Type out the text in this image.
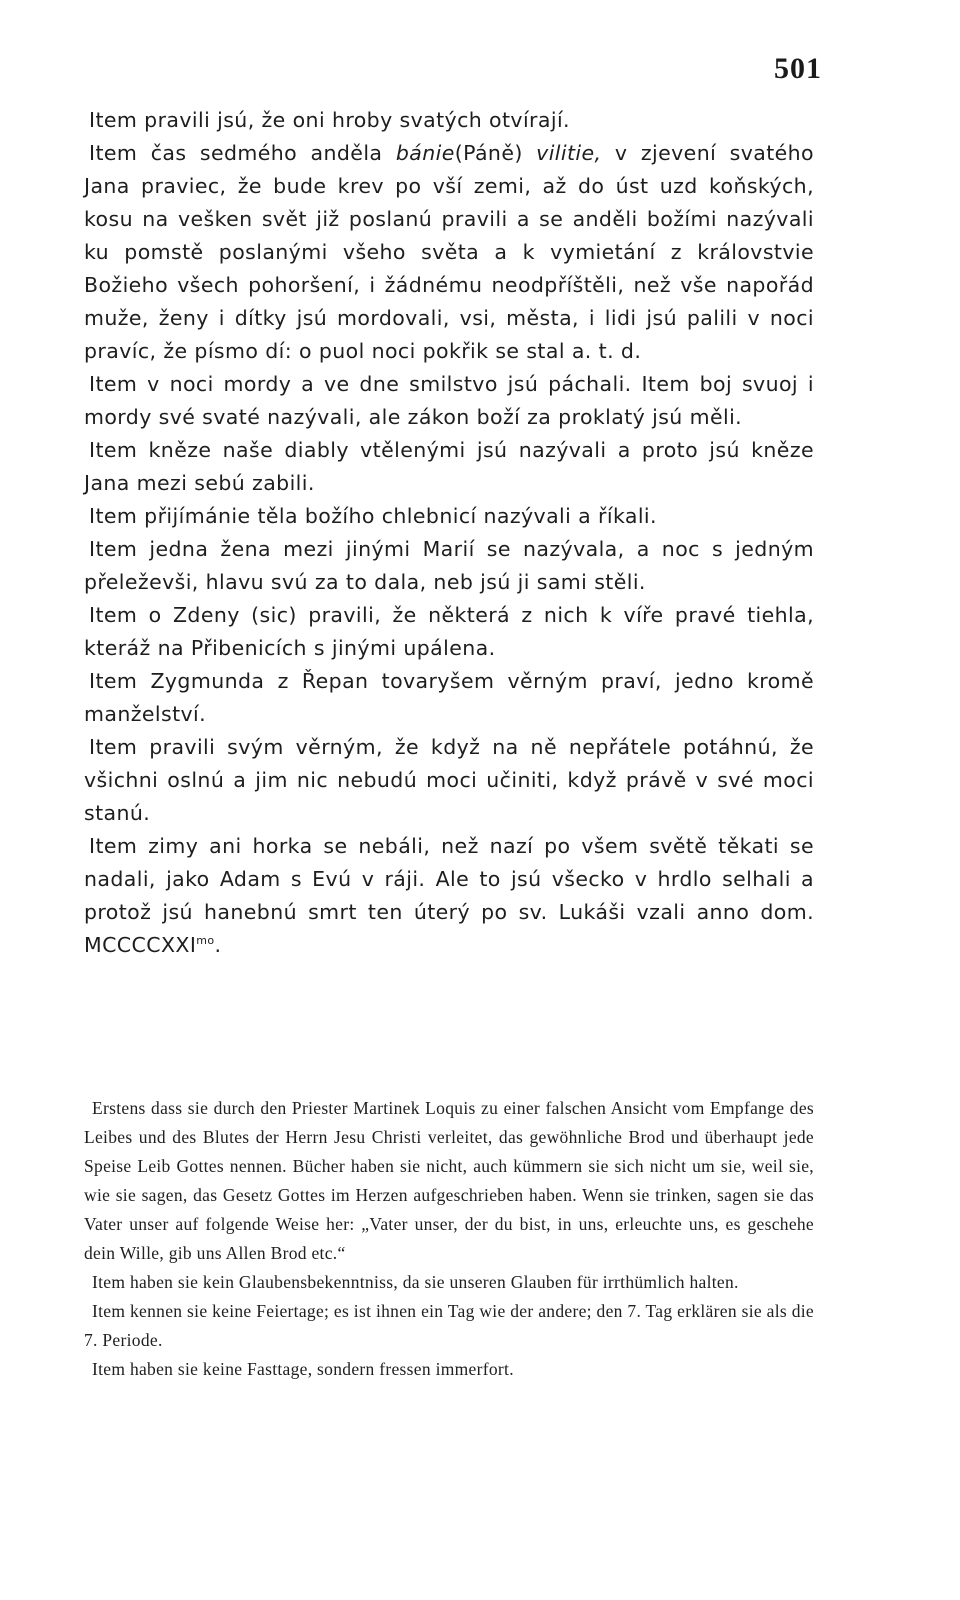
501

Item pravili jsú, že oni hroby svatých otvírají.

Item čas sedmého anděla bánie(Páně) vilitie, v zjevení svatého Jana praviec, že bude krev po vší zemi, až do úst uzd koňských, kosu na vešken svět již poslanú pravili a se anděli božími nazývali ku pomstě poslanými všeho světa a k vymietání z královstvie Božieho všech pohoršení, i žádnému neodpříštěli, než vše napořád muže, ženy i dítky jsú mordovali, vsi, města, i lidi jsú palili v noci pravíc, že písmo dí: o puol noci pokřik se stal a. t. d.

Item v noci mordy a ve dne smilstvo jsú páchali. Item boj svuoj i mordy své svaté nazývali, ale zákon boží za proklatý jsú měli.

Item kněze naše diably vtělenými jsú nazývali a proto jsú kněze Jana mezi sebú zabili.

Item přijímánie těla božího chlebnicí nazývali a říkali.

Item jedna žena mezi jinými Marií se nazývala, a noc s jedným přeleževši, hlavu svú za to dala, neb jsú ji sami stěli.

Item o Zdeny (sic) pravili, že některá z nich k víře pravé tiehla, kteráž na Přibenicích s jinými upálena.

Item Zygmunda z Řepan tovaryšem věrným praví, jedno kromě manželství.

Item pravili svým věrným, že když na ně nepřátele potáhnú, že všichni oslnú a jim nic nebudú moci učiniti, když právě v své moci stanú.

Item zimy ani horka se nebáli, než nazí po všem světě těkati se nadali, jako Adam s Evú v ráji. Ale to jsú všecko v hrdlo selhali a protož jsú hanebnú smrt ten úterý po sv. Lukáši vzali anno dom. $MCCCCXXI^{mo}$.

Erstens dass sie durch den Priester Martinek Loquis zu einer falschen Ansicht vom Empfange des Leibes und des Blutes der Herrn Jesu Christi verleitet, das gewöhnliche Brod und überhaupt jede Speise Leib Gottes nennen. Bücher haben sie nicht, auch kümmern sie sich nicht um sie, weil sie, wie sie sagen, das Gesetz Gottes im Herzen aufgeschrieben haben. Wenn sie trinken, sagen sie das Vater unser auf folgende Weise her: „Vater unser, der du bist, in uns, erleuchte uns, es geschehe dein Wille, gib uns Allen Brod etc.“

Item haben sie kein Glaubensbekenntniss, da sie unseren Glauben für irrthümlich halten.

Item kennen sie keine Feiertage; es ist ihnen ein Tag wie der andere; den 7. Tag erklären sie als die 7. Periode.

Item haben sie keine Fasttage, sondern fressen immerfort.
